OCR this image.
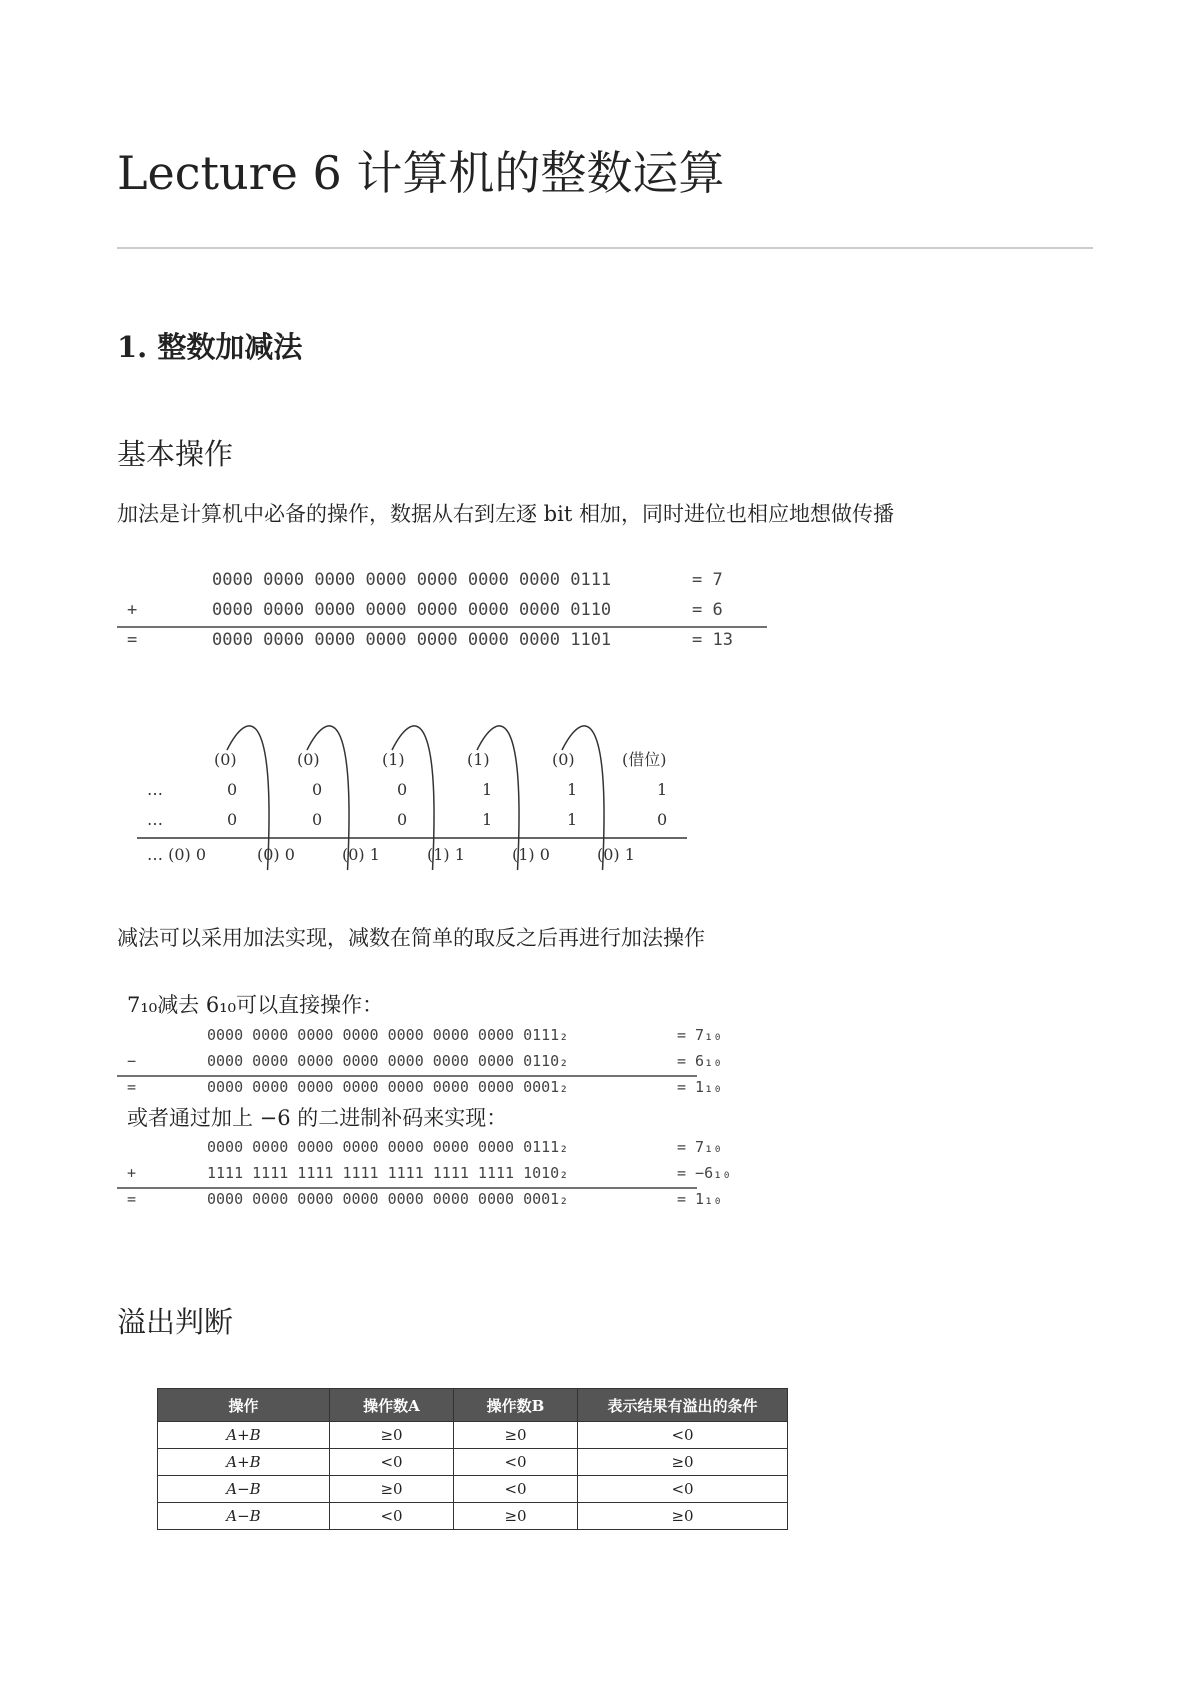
Lecture 6 计算机的整数运算
1. 整数加减法
基本操作

加法是计算机中必备的操作，数据从右到左逐 bit 相加，同时进位也相应地想做传播

0000 0000 0000 0000 0000 0000 0000 0111	= 7
+	0000 0000 0000 0000 0000 0000 0000 0110	= 6
=	0000 0000 0000 0000 0000 0000 0000 1101	= 13
(0)	(0)	(1)	(1)	(0)	(借位)
…	0	0	0	1	1	1
…	0	0	0	1	1	0
… (0) 0	(0) 0	(0) 1	(1) 1	(1) 0	(0) 1

减法可以采用加法实现，减数在简单的取反之后再进行加法操作

7₁₀减去 6₁₀可以直接操作：
或者通过加上 −6 的二进制补码来实现：
0000 0000 0000 0000 0000 0000 0000 0111₂	= 7₁₀
−	0000 0000 0000 0000 0000 0000 0000 0110₂	= 6₁₀
=	0000 0000 0000 0000 0000 0000 0000 0001₂	= 1₁₀
0000 0000 0000 0000 0000 0000 0000 0111₂	= 7₁₀
+	1111 1111 1111 1111 1111 1111 1111 1010₂	= −6₁₀
=	0000 0000 0000 0000 0000 0000 0000 0001₂	= 1₁₀
溢出判断
操作	操作数A	操作数B	表示结果有溢出的条件
A+B	≥0	≥0	<0
A+B	<0	<0	≥0
A−B	≥0	<0	<0
A−B	<0	≥0	≥0
